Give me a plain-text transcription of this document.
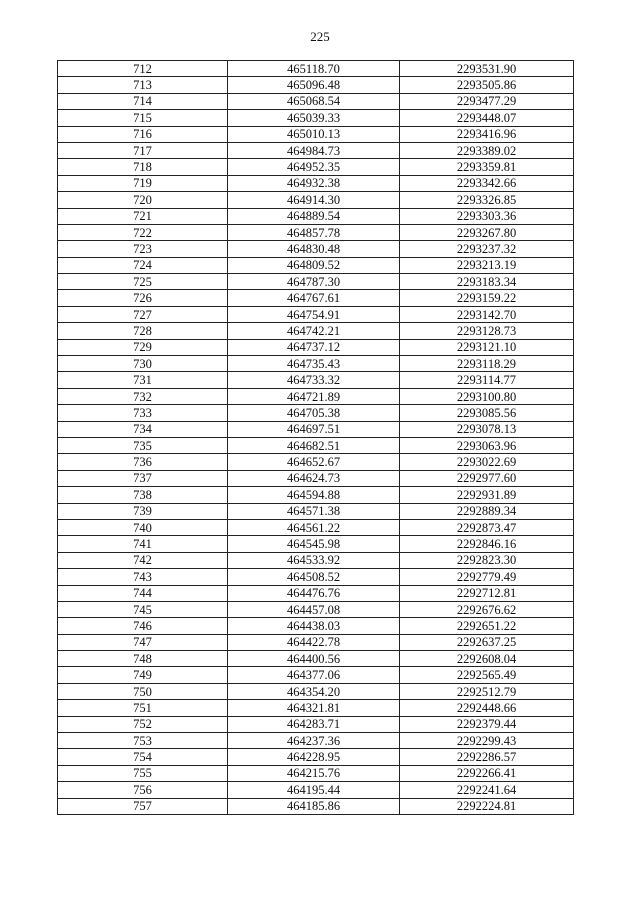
225
712	465118.70	2293531.90
713	465096.48	2293505.86
714	465068.54	2293477.29
715	465039.33	2293448.07
716	465010.13	2293416.96
717	464984.73	2293389.02
718	464952.35	2293359.81
719	464932.38	2293342.66
720	464914.30	2293326.85
721	464889.54	2293303.36
722	464857.78	2293267.80
723	464830.48	2293237.32
724	464809.52	2293213.19
725	464787.30	2293183.34
726	464767.61	2293159.22
727	464754.91	2293142.70
728	464742.21	2293128.73
729	464737.12	2293121.10
730	464735.43	2293118.29
731	464733.32	2293114.77
732	464721.89	2293100.80
733	464705.38	2293085.56
734	464697.51	2293078.13
735	464682.51	2293063.96
736	464652.67	2293022.69
737	464624.73	2292977.60
738	464594.88	2292931.89
739	464571.38	2292889.34
740	464561.22	2292873.47
741	464545.98	2292846.16
742	464533.92	2292823.30
743	464508.52	2292779.49
744	464476.76	2292712.81
745	464457.08	2292676.62
746	464438.03	2292651.22
747	464422.78	2292637.25
748	464400.56	2292608.04
749	464377.06	2292565.49
750	464354.20	2292512.79
751	464321.81	2292448.66
752	464283.71	2292379.44
753	464237.36	2292299.43
754	464228.95	2292286.57
755	464215.76	2292266.41
756	464195.44	2292241.64
757	464185.86	2292224.81
